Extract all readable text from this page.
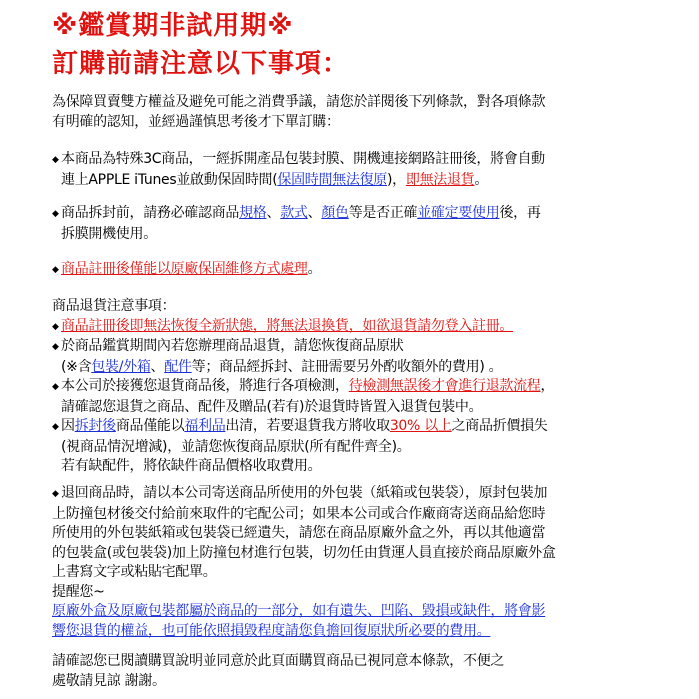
※鑑賞期非試用期※
訂購前請注意以下事項：
為保障買賣雙方權益及避免可能之消費爭議，請您於詳閱後下列條款，對各項條款
有明確的認知，並經過謹慎思考後才下單訂購：
◆ 本商品為特殊3C商品，一經拆開產品包裝封膜、開機連接網路註冊後，將會自動
連上APPLE iTunes並啟動保固時間(保固時間無法復原)，即無法退貨。
◆ 商品拆封前，請務必確認商品規格、款式、顏色等是否正確並確定要使用後，再
拆膜開機使用。
◆ 商品註冊後僅能以原廠保固維修方式處理。
商品退貨注意事項：
◆ 商品註冊後即無法恢復全新狀態，將無法退換貨，如欲退貨請勿登入註冊。
◆ 於商品鑑賞期間內若您辦理商品退貨，請您恢復商品原狀
(※含包裝/外箱、配件等；商品經拆封、註冊需要另外酌收額外的費用) 。
◆ 本公司於接獲您退貨商品後，將進行各項檢測，待檢測無誤後才會進行退款流程，
請確認您退貨之商品、配件及贈品(若有)於退貨時皆置入退貨包裝中。
◆ 因拆封後商品僅能以福利品出清，若要退貨我方將收取30% 以上之商品折價損失
(視商品情況增減)，並請您恢復商品原狀(所有配件齊全)。
若有缺配件，將依缺件商品價格收取費用。
◆ 退回商品時，請以本公司寄送商品所使用的外包裝（紙箱或包裝袋），原封包裝加
上防撞包材後交付給前來取件的宅配公司；如果本公司或合作廠商寄送商品給您時
所使用的外包裝紙箱或包裝袋已經遺失，請您在商品原廠外盒之外，再以其他適當
的包裝盒(或包裝袋)加上防撞包材進行包裝，切勿任由貨運人員直接於商品原廠外盒
上書寫文字或粘貼宅配單。
提醒您~
原廠外盒及原廠包裝都屬於商品的一部分，如有遺失、凹陷、毀損或缺件，將會影
響您退貨的權益，也可能依照損毀程度請您負擔回復原狀所必要的費用。
請確認您已閱讀購買說明並同意於此頁面購買商品已視同意本條款，不便之
處敬請見諒 謝謝。
